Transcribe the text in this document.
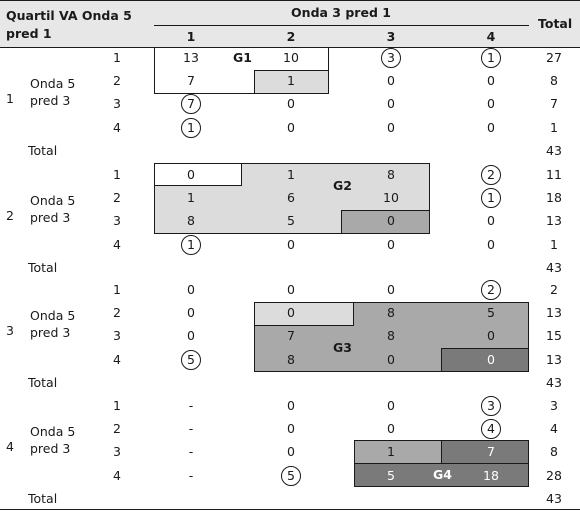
Quartil VA Onda 5 pred 1
Onda 3 pred 1
1	2	3	4
Total
G1
G2
G3
G4
1
Onda 5 pred 3
1	13	10	3	1	27
2	7	1	0	0	8
3	7	0	0	0	7
4	1	0	0	0	1
Total	43
2
Onda 5 pred 3
1	0	1	8	2	11
2	1	6	10	1	18
3	8	5	0	0	13
4	1	0	0	0	1
Total	43
3
Onda 5 pred 3
1	0	0	0	2	2
2	0	0	8	5	13
3	0	7	8	0	15
4	5	8	0	0	13
Total	43
4
Onda 5 pred 3
1	-	0	0	3	3
2	-	0	0	4	4
3	-	0	1	7	8
4	-	5	5	18	28
Total	43
